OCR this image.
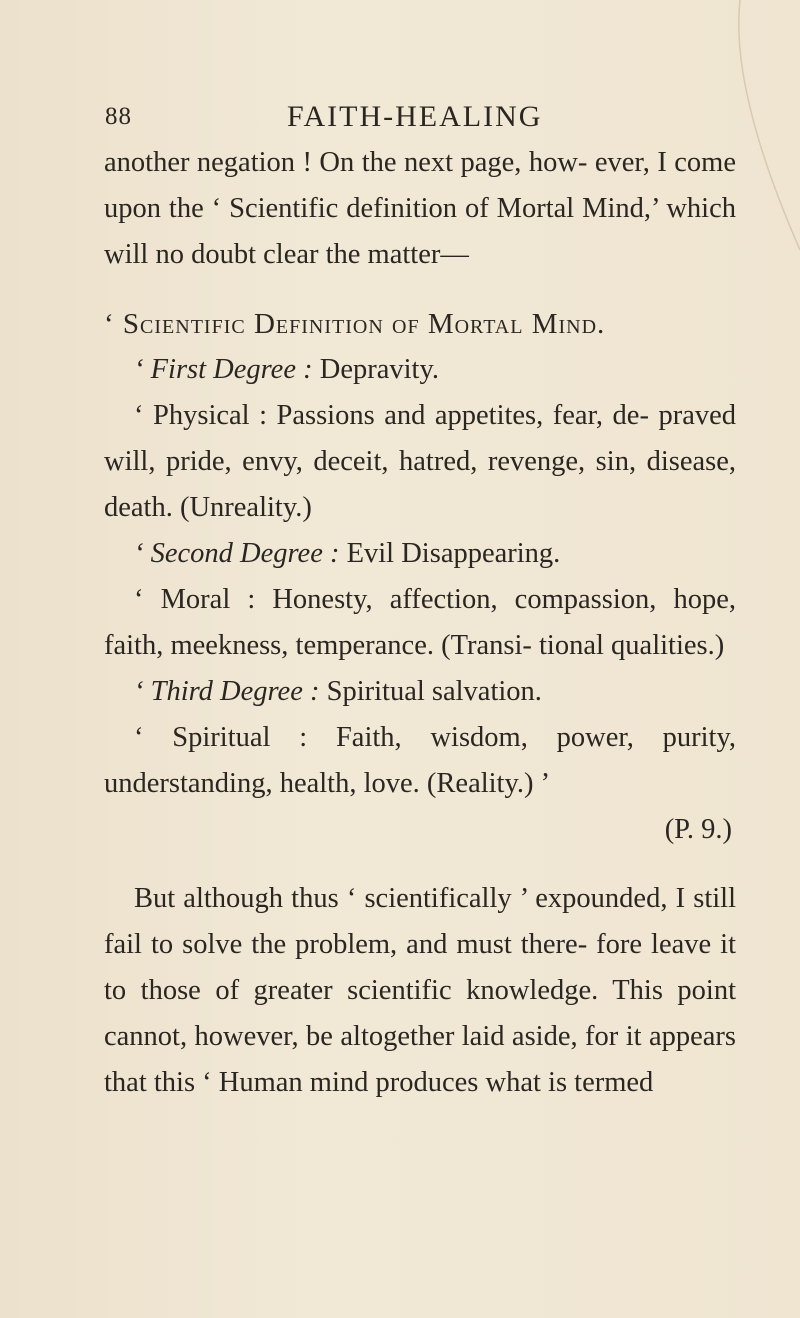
88	FAITH-HEALING

another negation ! On the next page, how- ever, I come upon the ‘ Scientific definition of Mortal Mind,’ which will no doubt clear the matter—

‘ Scientific Definition of Mortal Mind.

‘ First Degree : Depravity.

‘ Physical : Passions and appetites, fear, de- praved will, pride, envy, deceit, hatred, revenge, sin, disease, death. (Unreality.)

‘ Second Degree : Evil Disappearing.

‘ Moral : Honesty, affection, compassion, hope, faith, meekness, temperance. (Transi- tional qualities.)

‘ Third Degree : Spiritual salvation.

‘ Spiritual : Faith, wisdom, power, purity, understanding, health, love. (Reality.) ’

(P. 9.)

But although thus ‘ scientifically ’ expounded, I still fail to solve the problem, and must there- fore leave it to those of greater scientific knowledge. This point cannot, however, be altogether laid aside, for it appears that this ‘ Human mind produces what is termed
